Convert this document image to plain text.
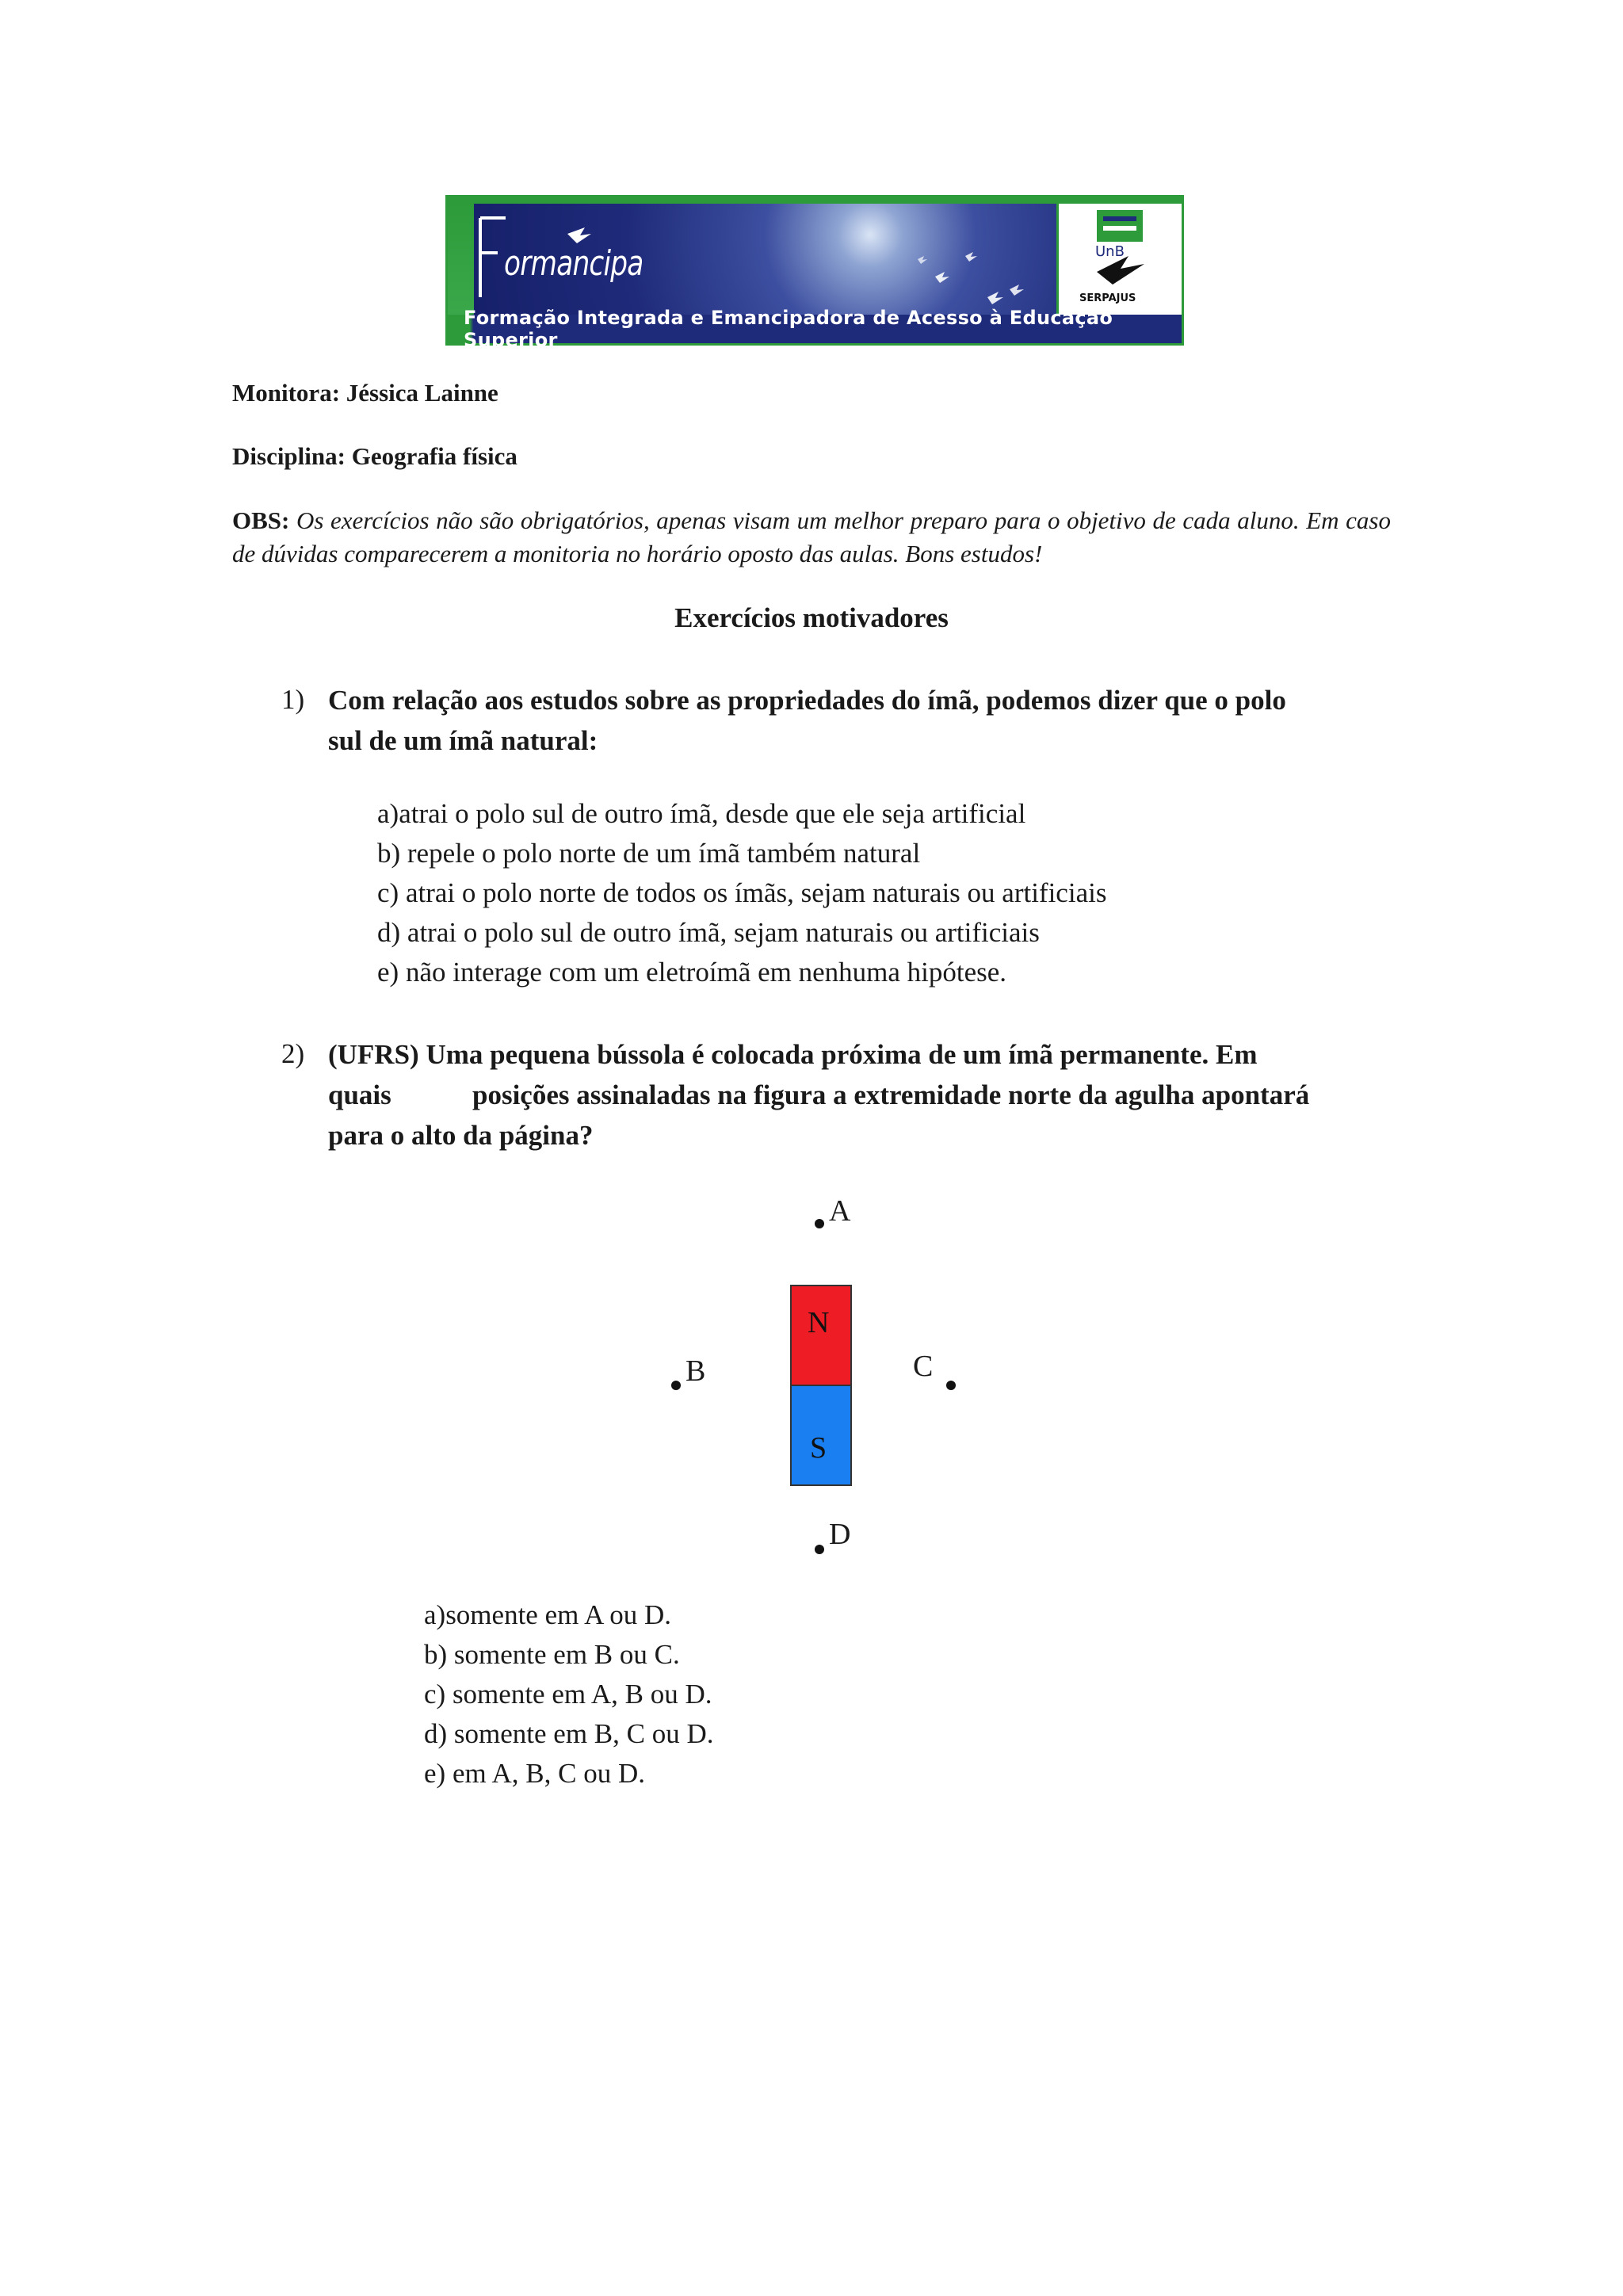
ormancipa	UnB
SERPAJUS
Formação Integrada e Emancipadora de Acesso à Educação Superior
Monitora: Jéssica Lainne
Disciplina: Geografia física
OBS: Os exercícios não são obrigatórios, apenas visam um melhor preparo para o objetivo de cada aluno. Em caso de dúvidas comparecerem a monitoria no horário oposto das aulas. Bons estudos!
Exercícios motivadores
1) Com relação aos estudos sobre as propriedades do ímã, podemos dizer que o polo
sul de um ímã natural:
a)atrai o polo sul de outro ímã, desde que ele seja artificial
b) repele o polo norte de um ímã também natural
c) atrai o polo norte de todos os ímãs, sejam naturais ou artificiais
d) atrai o polo sul de outro ímã, sejam naturais ou artificiais
e) não interage com um eletroímã em nenhuma hipótese.
2) (UFRS) Uma pequena bússola é colocada próxima de um ímã permanente. Em
quais	posições assinaladas na figura a extremidade norte da agulha apontará
para o alto da página?
N
S
A
B	C
D
a)somente em A ou D.
b) somente em B ou C.
c) somente em A, B ou D.
d) somente em B, C ou D.
e) em A, B, C ou D.
